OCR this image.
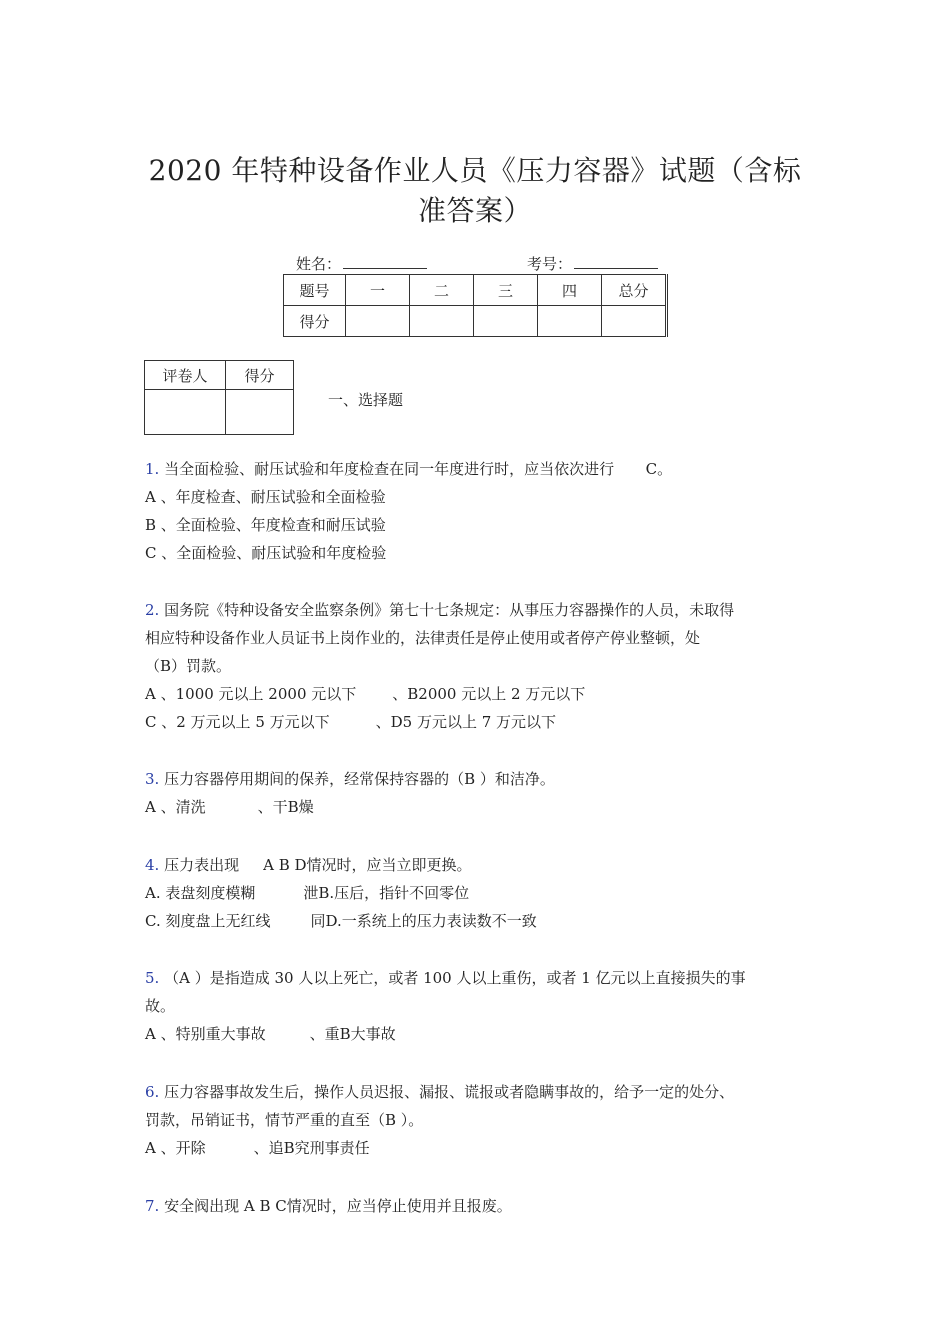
2020 年特种设备作业人员《压力容器》试题（含标
准答案）
姓名：	考号：
题号	一	二	三	四	总分
得分					
评卷人	得分

一、选择题
1. 当全面检验、耐压试验和年度检查在同一年度进行时，应当依次进行 C。
A 、年度检查、耐压试验和全面检验
B 、全面检验、年度检查和耐压试验
C 、全面检验、耐压试验和年度检验
2. 国务院《特种设备安全监察条例》第七十七条规定：从事压力容器操作的人员，未取得
相应特种设备作业人员证书上岗作业的，法律责任是停止使用或者停产停业整顿，处
（B）罚款。
A 、1000 元以上 2000 元以下 、B2000 元以上 2 万元以下
C 、2 万元以上 5 万元以下	、D5 万元以上 7 万元以下
3. 压力容器停用期间的保养，经常保持容器的（B ）和洁净。
A 、清洗	、干B燥
4. 压力表出现 A B D情况时，应当立即更换。
A. 表盘刻度模糊	泄B.压后，指针不回零位
C. 刻度盘上无红线	同D.一系统上的压力表读数不一致
5. （A ）是指造成 30 人以上死亡，或者 100 人以上重伤，或者 1 亿元以上直接损失的事
故。
A 、特别重大事故	、重B大事故
6. 压力容器事故发生后，操作人员迟报、漏报、谎报或者隐瞒事故的，给予一定的处分、
罚款，吊销证书，情节严重的直至（B ）。
A 、开除	、追B究刑事责任
7. 安全阀出现 A B C情况时，应当停止使用并且报废。
